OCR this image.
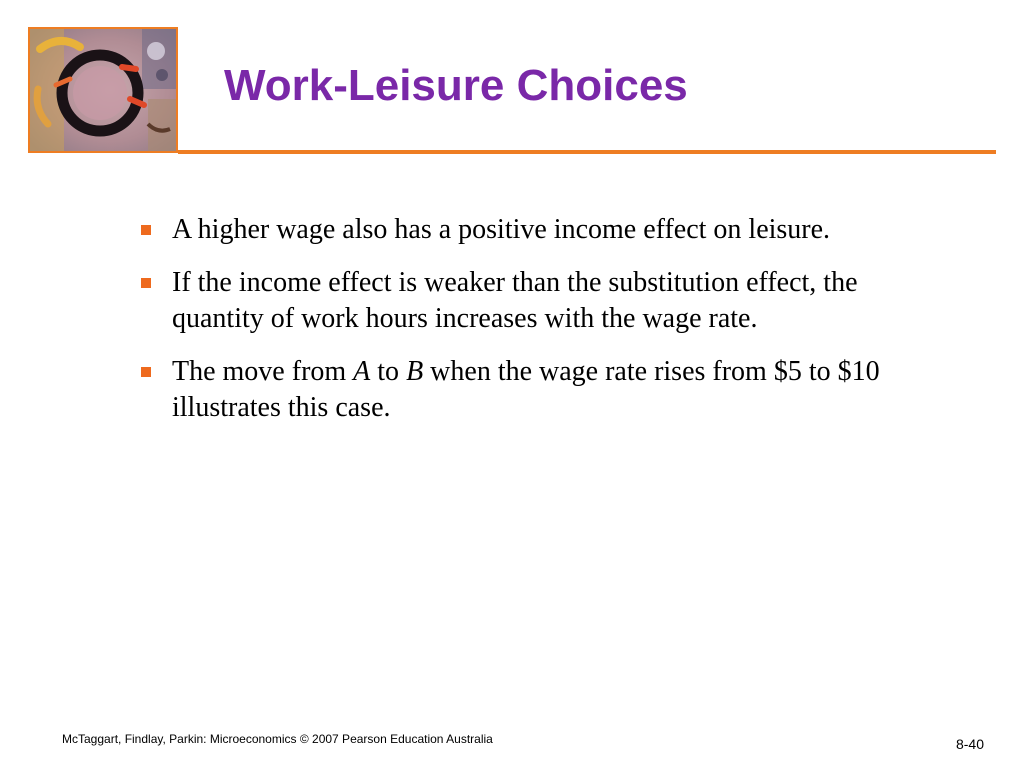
Work-Leisure Choices
A higher wage also has a positive income effect on leisure.
If the income effect is weaker than the substitution effect, the quantity of work hours increases with the wage rate.
The move from A to B when the wage rate rises from $5 to $10 illustrates this case.
McTaggart, Findlay, Parkin: Microeconomics © 2007 Pearson Education Australia	8-40
